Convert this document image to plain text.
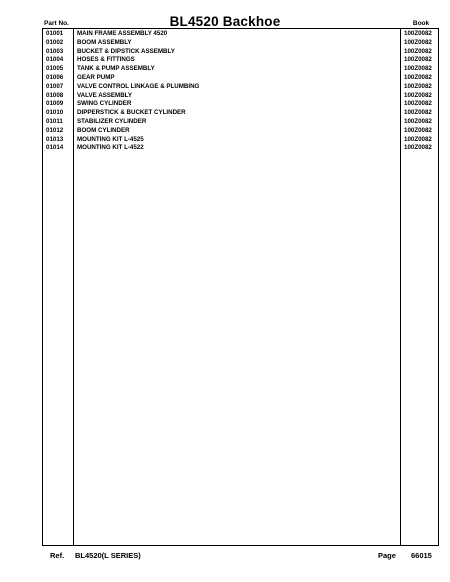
Part No.	BL4520 Backhoe	Book
01001 MAIN FRAME ASSEMBLY 4520	100Z0082
01002 BOOM ASSEMBLY	100Z0082
01003 BUCKET & DIPSTICK ASSEMBLY	100Z0082
01004 HOSES & FITTINGS	100Z0082
01005 TANK & PUMP ASSEMBLY	100Z0082
01006 GEAR PUMP	100Z0082
01007 VALVE CONTROL LINKAGE & PLUMBING	100Z0082
01008 VALVE ASSEMBLY	100Z0082
01009 SWING CYLINDER	100Z0082
01010 DIPPERSTICK & BUCKET CYLINDER	100Z0082
01011 STABILIZER CYLINDER	100Z0082
01012 BOOM CYLINDER	100Z0082
01013 MOUNTING KIT L-4525	100Z0082
01014 MOUNTING KIT L-4522	100Z0082
Ref. BL4520(L SERIES)	Page 66015
